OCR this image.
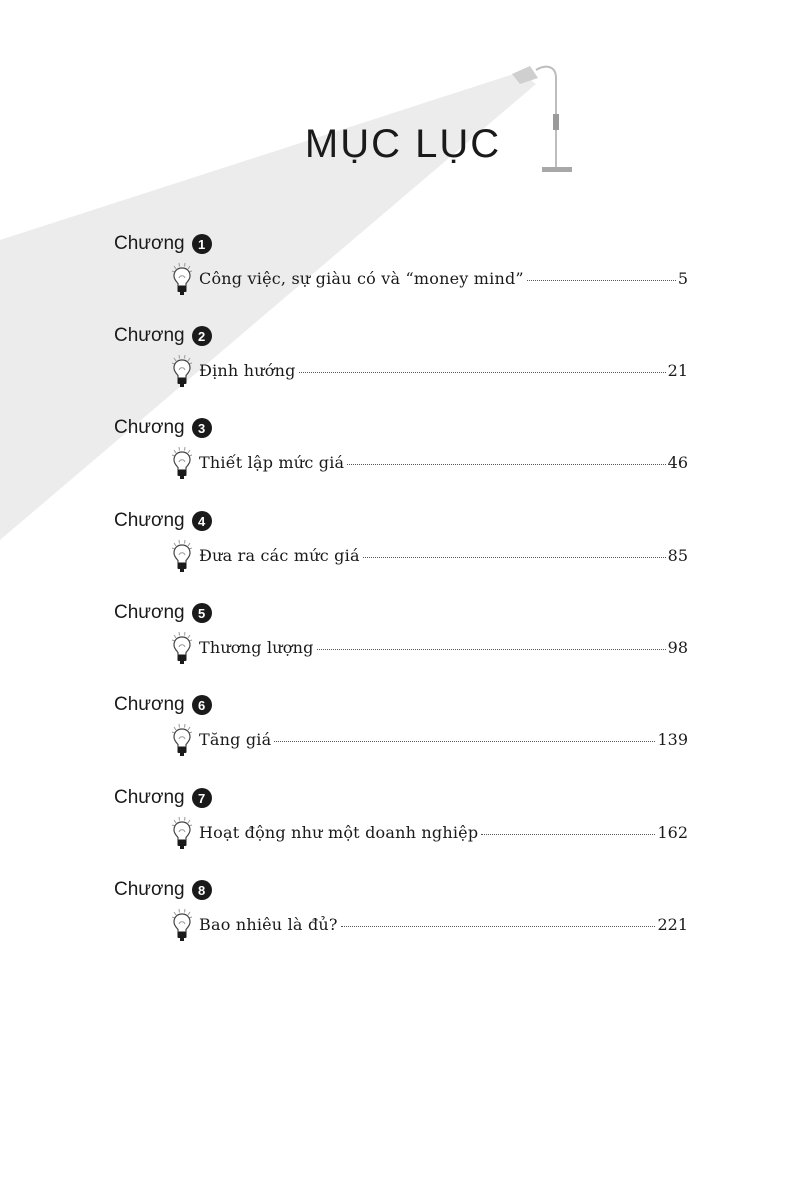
MỤC LỤC
Chương	1
Công việc, sự giàu có và “money mind”	5
Chương	2
Định hướng	21
Chương	3
Thiết lập mức giá	46
Chương	4
Đưa ra các mức giá	85
Chương	5
Thương lượng	98
Chương	6
Tăng giá	139
Chương	7
Hoạt động như một doanh nghiệp	162
Chương	8
Bao nhiêu là đủ?	221
